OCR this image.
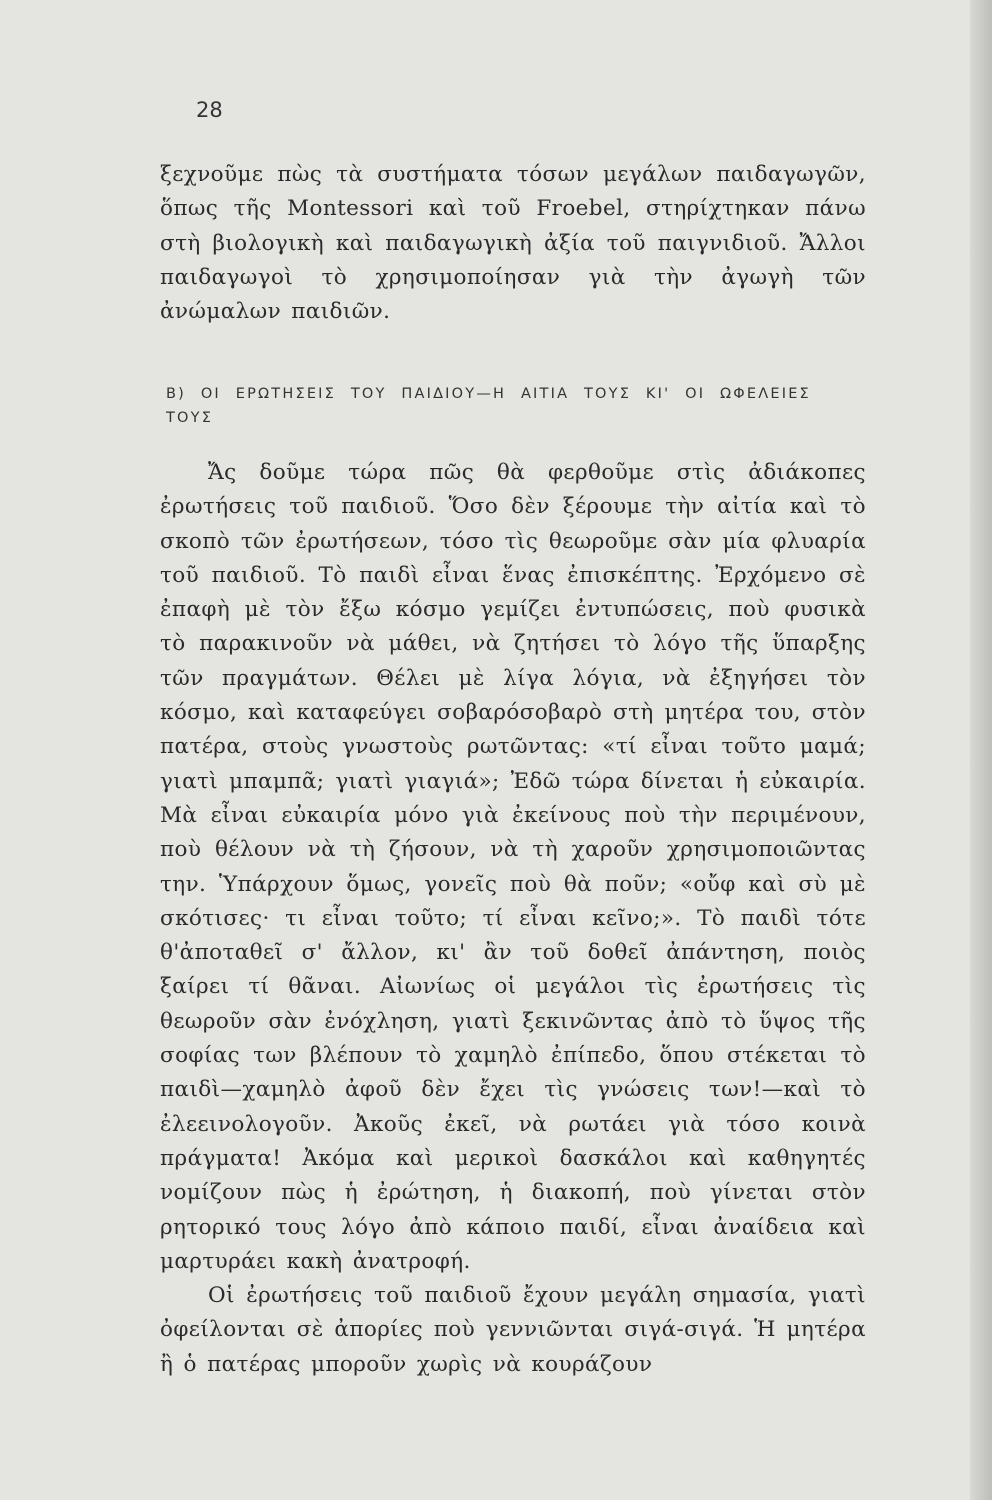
28

ξεχνοῦμε πὼς τὰ συστήματα τόσων μεγάλων παιδαγωγῶν, ὅπως τῆς Montessori καὶ τοῦ Froebel, στηρίχτηκαν πάνω στὴ βιολογικὴ καὶ παιδαγωγικὴ ἀξία τοῦ παιγνιδιοῦ. Ἄλλοι παιδαγωγοὶ τὸ χρησιμοποίησαν γιὰ τὴν ἀγωγὴ τῶν ἀνώμαλων παιδιῶν.

Β) ΟΙ ΕΡΩΤΗΣΕΙΣ ΤΟΥ ΠΑΙΔΙΟΥ—Η ΑΙΤΙΑ ΤΟΥΣ ΚΙ' ΟΙ ΩΦΕΛΕΙΕΣ ΤΟΥΣ

Ἄς δοῦμε τώρα πῶς θὰ φερθοῦμε στὶς ἀδιάκοπες ἐρωτήσεις τοῦ παιδιοῦ. Ὅσο δὲν ξέρουμε τὴν αἰτία καὶ τὸ σκοπὸ τῶν ἐρωτήσεων, τόσο τὶς θεωροῦμε σὰν μία φλυαρία τοῦ παιδιοῦ. Τὸ παιδὶ εἶναι ἕνας ἐπισκέπτης. Ἐρχόμενο σὲ ἐπαφὴ μὲ τὸν ἔξω κόσμο γεμίζει ἐντυπώσεις, ποὺ φυσικὰ τὸ παρακινοῦν νὰ μάθει, νὰ ζητήσει τὸ λόγο τῆς ὕπαρξης τῶν πραγμάτων. Θέλει μὲ λίγα λόγια, νὰ ἐξηγήσει τὸν κόσμο, καὶ καταφεύγει σοβαρόσοβαρὸ στὴ μητέρα του, στὸν πατέρα, στοὺς γνωστοὺς ρωτῶντας: «τί εἶναι τοῦτο μαμά; γιατὶ μπαμπᾶ; γιατὶ γιαγιά»; Ἐδῶ τώρα δίνεται ἡ εὐκαιρία. Μὰ εἶναι εὐκαιρία μόνο γιὰ ἐκείνους ποὺ τὴν περιμένουν, ποὺ θέλουν νὰ τὴ ζήσουν, νὰ τὴ χαροῦν χρησιμοποιῶντας την. Ὑπάρχουν ὅμως, γονεῖς ποὺ θὰ ποῦν; «οὔφ καὶ σὺ μὲ σκότισες· τι εἶναι τοῦτο; τί εἶναι κεῖνο;». Τὸ παιδὶ τότε θ'ἀποταθεῖ σ' ἄλλον, κι' ἂν τοῦ δοθεῖ ἀπάντηση, ποιὸς ξαίρει τί θᾶναι. Αἰωνίως οἱ μεγάλοι τὶς ἐρωτήσεις τὶς θεωροῦν σὰν ἐνόχληση, γιατὶ ξεκινῶντας ἀπὸ τὸ ὕψος τῆς σοφίας των βλέπουν τὸ χαμηλὸ ἐπίπεδο, ὅπου στέκεται τὸ παιδὶ—χαμηλὸ ἀφοῦ δὲν ἔχει τὶς γνώσεις των!—καὶ τὸ ἐλεεινολογοῦν. Ἀκοῦς ἐκεῖ, νὰ ρωτάει γιὰ τόσο κοινὰ πράγματα! Ἀκόμα καὶ μερικοὶ δασκάλοι καὶ καθηγητές νομίζουν πὼς ἡ ἐρώτηση, ἡ διακοπή, ποὺ γίνεται στὸν ρητορικό τους λόγο ἀπὸ κάποιο παιδί, εἶναι ἀναίδεια καὶ μαρτυράει κακὴ ἀνατροφή.

Οἱ ἐρωτήσεις τοῦ παιδιοῦ ἔχουν μεγάλη σημασία, γιατὶ ὀφείλονται σὲ ἀπορίες ποὺ γεννιῶνται σιγά-σιγά. Ἡ μητέρα ἢ ὁ πατέρας μποροῦν χωρὶς νὰ κουράζουν
